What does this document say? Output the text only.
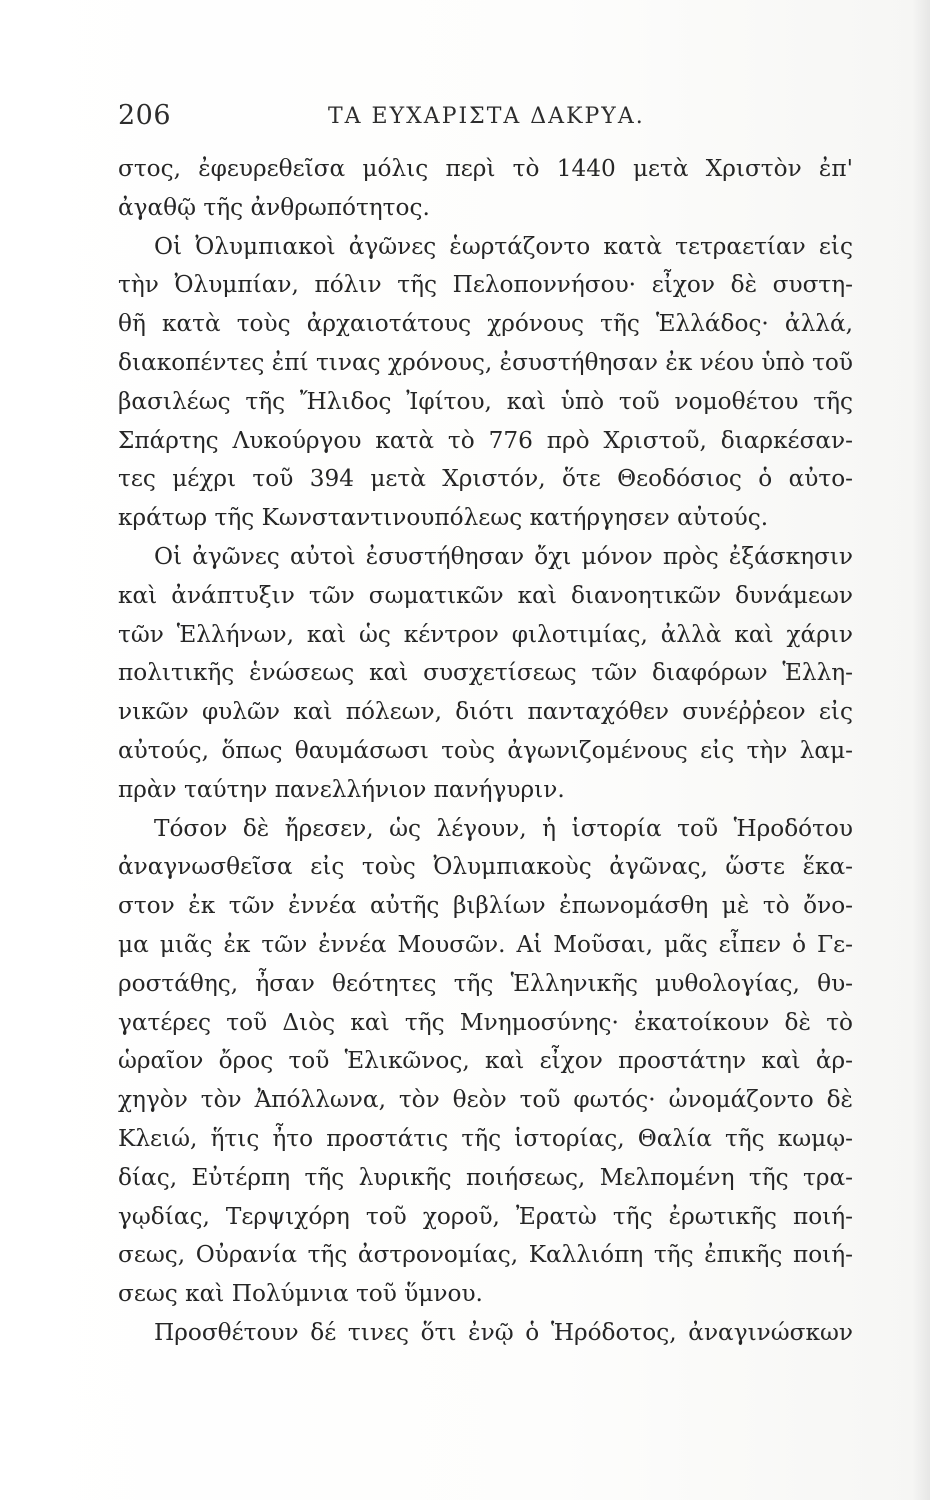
206	ΤΑ ΕΥΧΑΡΙΣΤΑ ΔΑΚΡΥΑ.
στος, ἐφευρεθεῖσα μόλις περὶ τὸ 1440 μετὰ Χριστὸν ἐπ'
ἀγαθῷ τῆς ἀνθρωπότητος.
Οἱ Ὀλυμπιακοὶ ἀγῶνες ἑωρτάζοντο κατὰ τετραετίαν εἰς
τὴν Ὀλυμπίαν, πόλιν τῆς Πελοποννήσου· εἶχον δὲ συστη-
θῆ κατὰ τοὺς ἀρχαιοτάτους χρόνους τῆς Ἑλλάδος· ἀλλά,
διακοπέντες ἐπί τινας χρόνους, ἐσυστήθησαν ἐκ νέου ὑπὸ τοῦ
βασιλέως τῆς Ἤλιδος Ἰφίτου, καὶ ὑπὸ τοῦ νομοθέτου τῆς
Σπάρτης Λυκούργου κατὰ τὸ 776 πρὸ Χριστοῦ, διαρκέσαν-
τες μέχρι τοῦ 394 μετὰ Χριστόν, ὅτε Θεοδόσιος ὁ αὐτο-
κράτωρ τῆς Κωνσταντινουπόλεως κατήργησεν αὐτούς.
Οἱ ἀγῶνες αὐτοὶ ἐσυστήθησαν ὄχι μόνον πρὸς ἐξάσκησιν
καὶ ἀνάπτυξιν τῶν σωματικῶν καὶ διανοητικῶν δυνάμεων
τῶν Ἑλλήνων, καὶ ὡς κέντρον φιλοτιμίας, ἀλλὰ καὶ χάριν
πολιτικῆς ἑνώσεως καὶ συσχετίσεως τῶν διαφόρων Ἑλλη-
νικῶν φυλῶν καὶ πόλεων, διότι πανταχόθεν συνέῤῥεον εἰς
αὐτούς, ὅπως θαυμάσωσι τοὺς ἀγωνιζομένους εἰς τὴν λαμ-
πρὰν ταύτην πανελλήνιον πανήγυριν.
Τόσον δὲ ἤρεσεν, ὡς λέγουν, ἡ ἱστορία τοῦ Ἡροδότου
ἀναγνωσθεῖσα εἰς τοὺς Ὀλυμπιακοὺς ἀγῶνας, ὥστε ἕκα-
στον ἐκ τῶν ἐννέα αὐτῆς βιβλίων ἐπωνομάσθη μὲ τὸ ὄνο-
μα μιᾶς ἐκ τῶν ἐννέα Μουσῶν. Αἱ Μοῦσαι, μᾶς εἶπεν ὁ Γε-
ροστάθης, ἦσαν θεότητες τῆς Ἑλληνικῆς μυθολογίας, θυ-
γατέρες τοῦ Διὸς καὶ τῆς Μνημοσύνης· ἐκατοίκουν δὲ τὸ
ὡραῖον ὄρος τοῦ Ἑλικῶνος, καὶ εἶχον προστάτην καὶ ἀρ-
χηγὸν τὸν Ἀπόλλωνα, τὸν θεὸν τοῦ φωτός· ὠνομάζοντο δὲ
Κλειώ, ἥτις ἦτο προστάτις τῆς ἱστορίας, Θαλία τῆς κωμῳ-
δίας, Εὐτέρπη τῆς λυρικῆς ποιήσεως, Μελπομένη τῆς τρα-
γῳδίας, Τερψιχόρη τοῦ χοροῦ, Ἐρατὼ τῆς ἐρωτικῆς ποιή-
σεως, Οὐρανία τῆς ἀστρονομίας, Καλλιόπη τῆς ἐπικῆς ποιή-
σεως καὶ Πολύμνια τοῦ ὕμνου.
Προσθέτουν δέ τινες ὅτι ἐνῷ ὁ Ἡρόδοτος, ἀναγινώσκων
